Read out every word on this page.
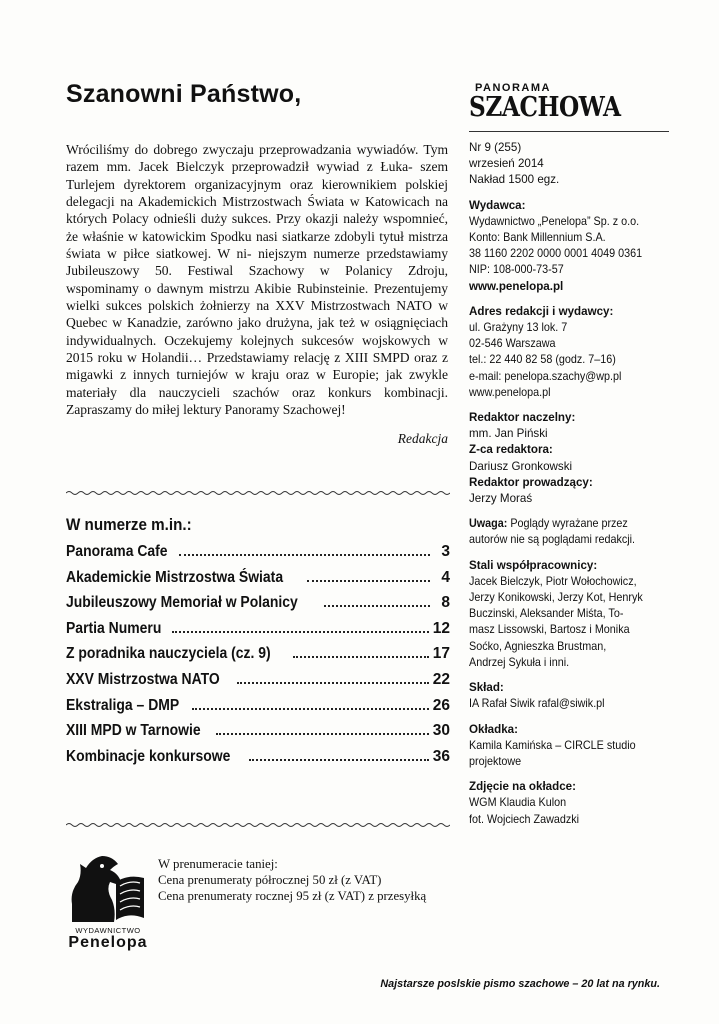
Szanowni Państwo,
Wróciliśmy do dobrego zwyczaju przeprowadzania wywiadów. Tym razem mm. Jacek Bielczyk przeprowadził wywiad z Łuka- szem Turlejem dyrektorem organizacyjnym oraz kierownikiem polskiej delegacji na Akademickich Mistrzostwach Świata w Katowicach na których Polacy odnieśli duży sukces. Przy okazji należy wspomnieć, że właśnie w katowickim Spodku nasi siatkarze zdobyli tytuł mistrza świata w piłce siatkowej. W ni- niejszym numerze przedstawiamy Jubileuszowy 50. Festiwal Szachowy w Polanicy Zdroju, wspominamy o dawnym mistrzu Akibie Rubinsteinie. Prezentujemy wielki sukces polskich żołnierzy na XXV Mistrzostwach NATO w Quebec w Kanadzie, zarówno jako drużyna, jak też w osiągnięciach indywidualnych. Oczekujemy kolejnych sukcesów wojskowych w 2015 roku w Holandii… Przedstawiamy relację z XIII SMPD oraz z migawki z innych turniejów w kraju oraz w Europie; jak zwykle materiały dla nauczycieli szachów oraz konkurs kombinacji. Zapraszamy do miłej lektury Panoramy Szachowej!
Redakcja
W numerze m.in.:
Panorama Cafe	3
Akademickie Mistrzostwa Świata	4
Jubileuszowy Memoriał w Polanicy	8
Partia Numeru	12
Z poradnika nauczyciela (cz. 9)	17
XXV Mistrzostwa NATO	22
Ekstraliga – DMP	26
XIII MPD w Tarnowie	30
Kombinacje konkursowe	36
WYDAWNICTWO
Penelopa
W prenumeracie taniej:
Cena prenumeraty półrocznej 50 zł (z VAT)
Cena prenumeraty rocznej 95 zł (z VAT) z przesyłką
PANORAMA
SZACHOWA
Nr 9 (255)
wrzesień 2014
Nakład 1500 egz.
Wydawca:
Wydawnictwo „Penelopa” Sp. z o.o.
Konto: Bank Millennium S.A.
38 1160 2202 0000 0001 4049 0361
NIP: 108-000-73-57
www.penelopa.pl
Adres redakcji i wydawcy:
ul. Grażyny 13 lok. 7
02-546 Warszawa
tel.: 22 440 82 58 (godz. 7–16)
e-mail: penelopa.szachy@wp.pl
www.penelopa.pl
Redaktor naczelny:
mm. Jan Piński
Z-ca redaktora:
Dariusz Gronkowski
Redaktor prowadzący:
Jerzy Moraś
Uwaga: Poglądy wyrażane przez
autorów nie są poglądami redakcji.
Stali współpracownicy:
Jacek Bielczyk, Piotr Wołochowicz,
Jerzy Konikowski, Jerzy Kot, Henryk
Buczinski, Aleksander Miśta, To-
masz Lissowski, Bartosz i Monika
Soćko, Agnieszka Brustman,
Andrzej Sykuła i inni.
Skład:
IA Rafał Siwik rafal@siwik.pl
Okładka:
Kamila Kamińska – CIRCLE studio
projektowe
Zdjęcie na okładce:
WGM Klaudia Kulon
fot. Wojciech Zawadzki
Najstarsze poslskie pismo szachowe – 20 lat na rynku.
